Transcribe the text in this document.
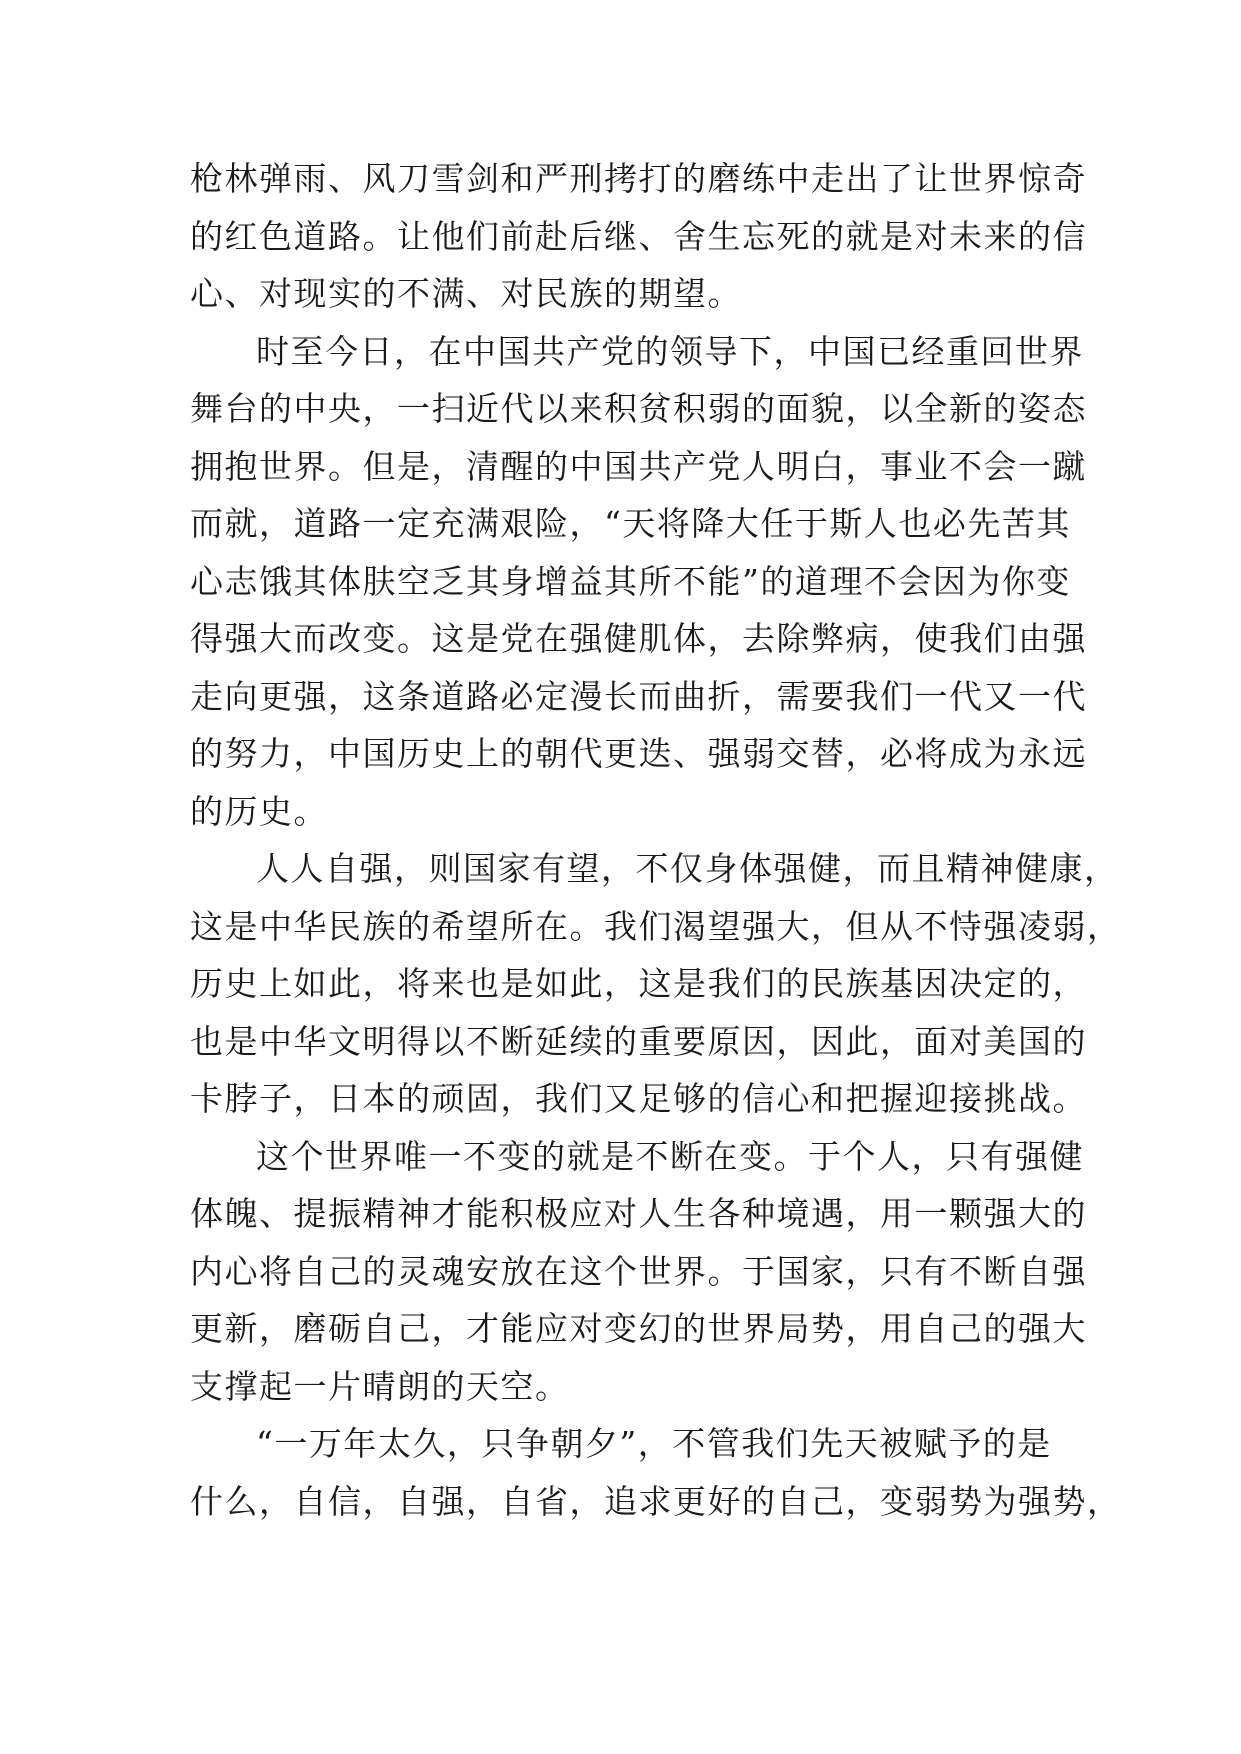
枪林弹雨、风刀雪剑和严刑拷打的磨练中走出了让世界惊奇
的红色道路。让他们前赴后继、舍生忘死的就是对未来的信
心、对现实的不满、对民族的期望。
时至今日，在中国共产党的领导下，中国已经重回世界
舞台的中央，一扫近代以来积贫积弱的面貌，以全新的姿态
拥抱世界。但是，清醒的中国共产党人明白，事业不会一蹴
而就，道路一定充满艰险，“天将降大任于斯人也必先苦其
心志饿其体肤空乏其身增益其所不能”的道理不会因为你变
得强大而改变。这是党在强健肌体，去除弊病，使我们由强
走向更强，这条道路必定漫长而曲折，需要我们一代又一代
的努力，中国历史上的朝代更迭、强弱交替，必将成为永远
的历史。
人人自强，则国家有望，不仅身体强健，而且精神健康，
这是中华民族的希望所在。我们渴望强大，但从不恃强凌弱，
历史上如此，将来也是如此，这是我们的民族基因决定的，
也是中华文明得以不断延续的重要原因，因此，面对美国的
卡脖子，日本的顽固，我们又足够的信心和把握迎接挑战。
这个世界唯一不变的就是不断在变。于个人，只有强健
体魄、提振精神才能积极应对人生各种境遇，用一颗强大的
内心将自己的灵魂安放在这个世界。于国家，只有不断自强
更新，磨砺自己，才能应对变幻的世界局势，用自己的强大
支撑起一片晴朗的天空。
“一万年太久，只争朝夕”，不管我们先天被赋予的是
什么，自信，自强，自省，追求更好的自己，变弱势为强势，
